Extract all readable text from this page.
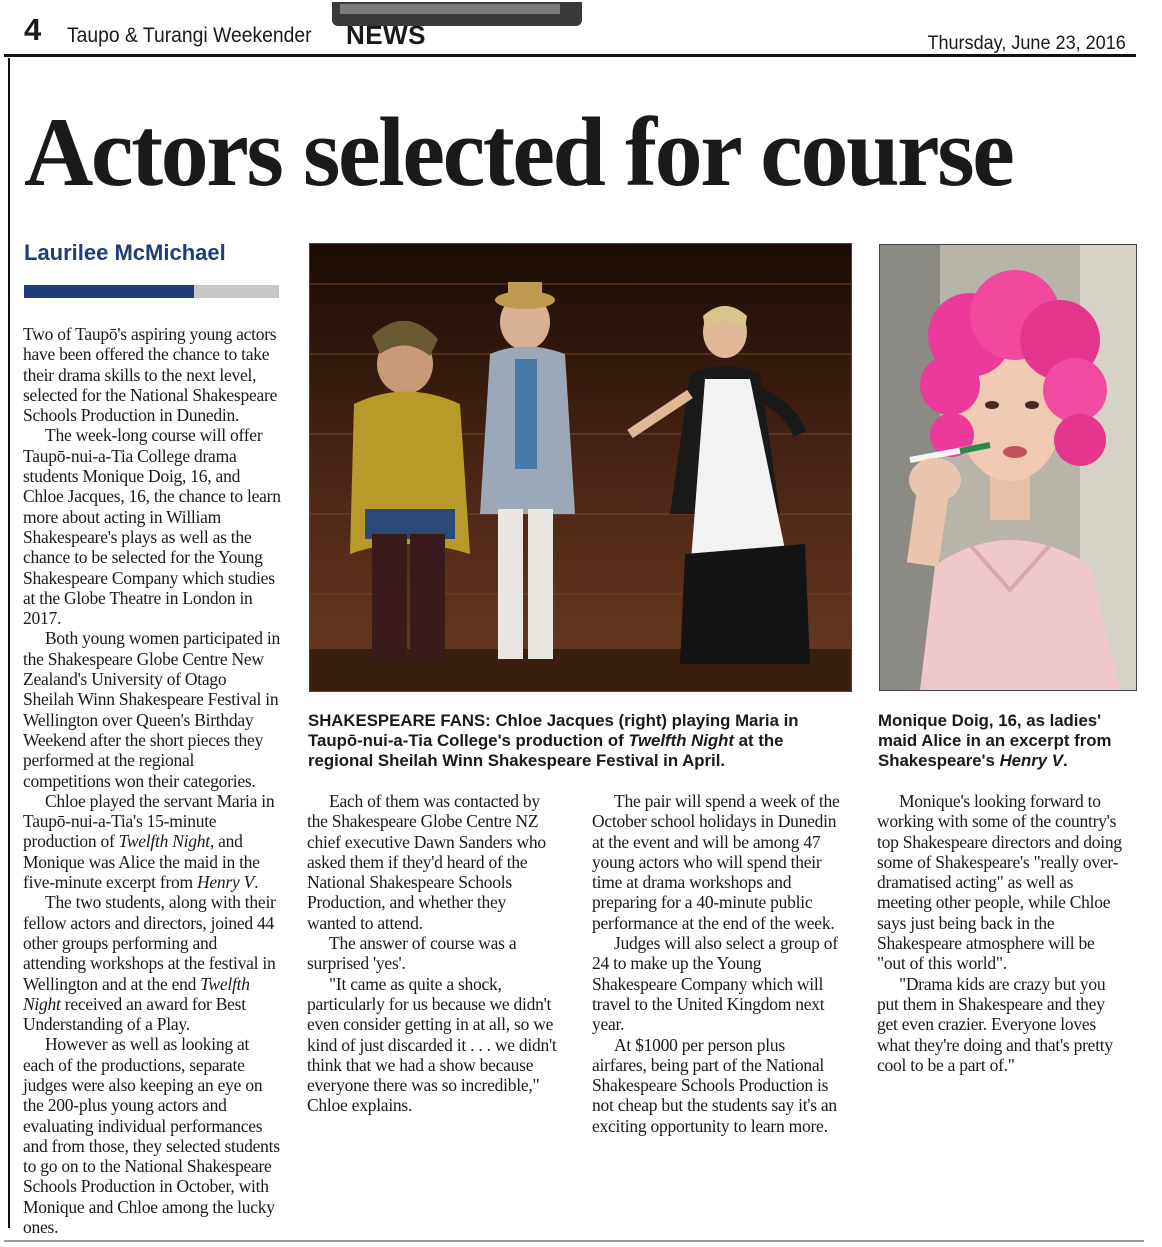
4 Taupo & Turangi Weekender NEWS	Thursday, June 23, 2016
Actors selected for course
Laurilee McMichael
SHAKESPEARE FANS: Chloe Jacques (right) playing Maria in Taupō-nui-a-Tia College's production of Twelfth Night at the regional Sheilah Winn Shakespeare Festival in April.
Monique Doig, 16, as ladies' maid Alice in an excerpt from Shakespeare's Henry V.

Two of Taupō's aspiring young actors have been offered the chance to take their drama skills to the next level, selected for the National Shakespeare Schools Production in Dunedin.

The week-long course will offer Taupō-nui-a-Tia College drama students Monique Doig, 16, and Chloe Jacques, 16, the chance to learn more about acting in William Shakespeare's plays as well as the chance to be selected for the Young Shakespeare Company which studies at the Globe Theatre in London in 2017.

Both young women participated in the Shakespeare Globe Centre New Zealand's University of Otago Sheilah Winn Shakespeare Festival in Wellington over Queen's Birthday Weekend after the short pieces they performed at the regional competitions won their categories.

Chloe played the servant Maria in Taupō-nui-a-Tia's 15-minute production of Twelfth Night, and Monique was Alice the maid in the five-minute excerpt from Henry V.

The two students, along with their fellow actors and directors, joined 44 other groups performing and attending workshops at the festival in Wellington and at the end Twelfth Night received an award for Best Understanding of a Play.

However as well as looking at each of the productions, separate judges were also keeping an eye on the 200-plus young actors and evaluating individual performances and from those, they selected students to go on to the National Shakespeare Schools Production in October, with Monique and Chloe among the lucky ones.

Each of them was contacted by the Shakespeare Globe Centre NZ chief executive Dawn Sanders who asked them if they'd heard of the National Shakespeare Schools Production, and whether they wanted to attend.

The answer of course was a surprised 'yes'.

"It came as quite a shock, particularly for us because we didn't even consider getting in at all, so we kind of just discarded it . . . we didn't think that we had a show because everyone there was so incredible," Chloe explains.

The pair will spend a week of the October school holidays in Dunedin at the event and will be among 47 young actors who will spend their time at drama workshops and preparing for a 40-minute public performance at the end of the week.

Judges will also select a group of 24 to make up the Young Shakespeare Company which will travel to the United Kingdom next year.

At $1000 per person plus airfares, being part of the National Shakespeare Schools Production is not cheap but the students say it's an exciting opportunity to learn more.

Monique's looking forward to working with some of the country's top Shakespeare directors and doing some of Shakespeare's "really over-dramatised acting" as well as meeting other people, while Chloe says just being back in the Shakespeare atmosphere will be "out of this world".

"Drama kids are crazy but you put them in Shakespeare and they get even crazier. Everyone loves what they're doing and that's pretty cool to be a part of."
